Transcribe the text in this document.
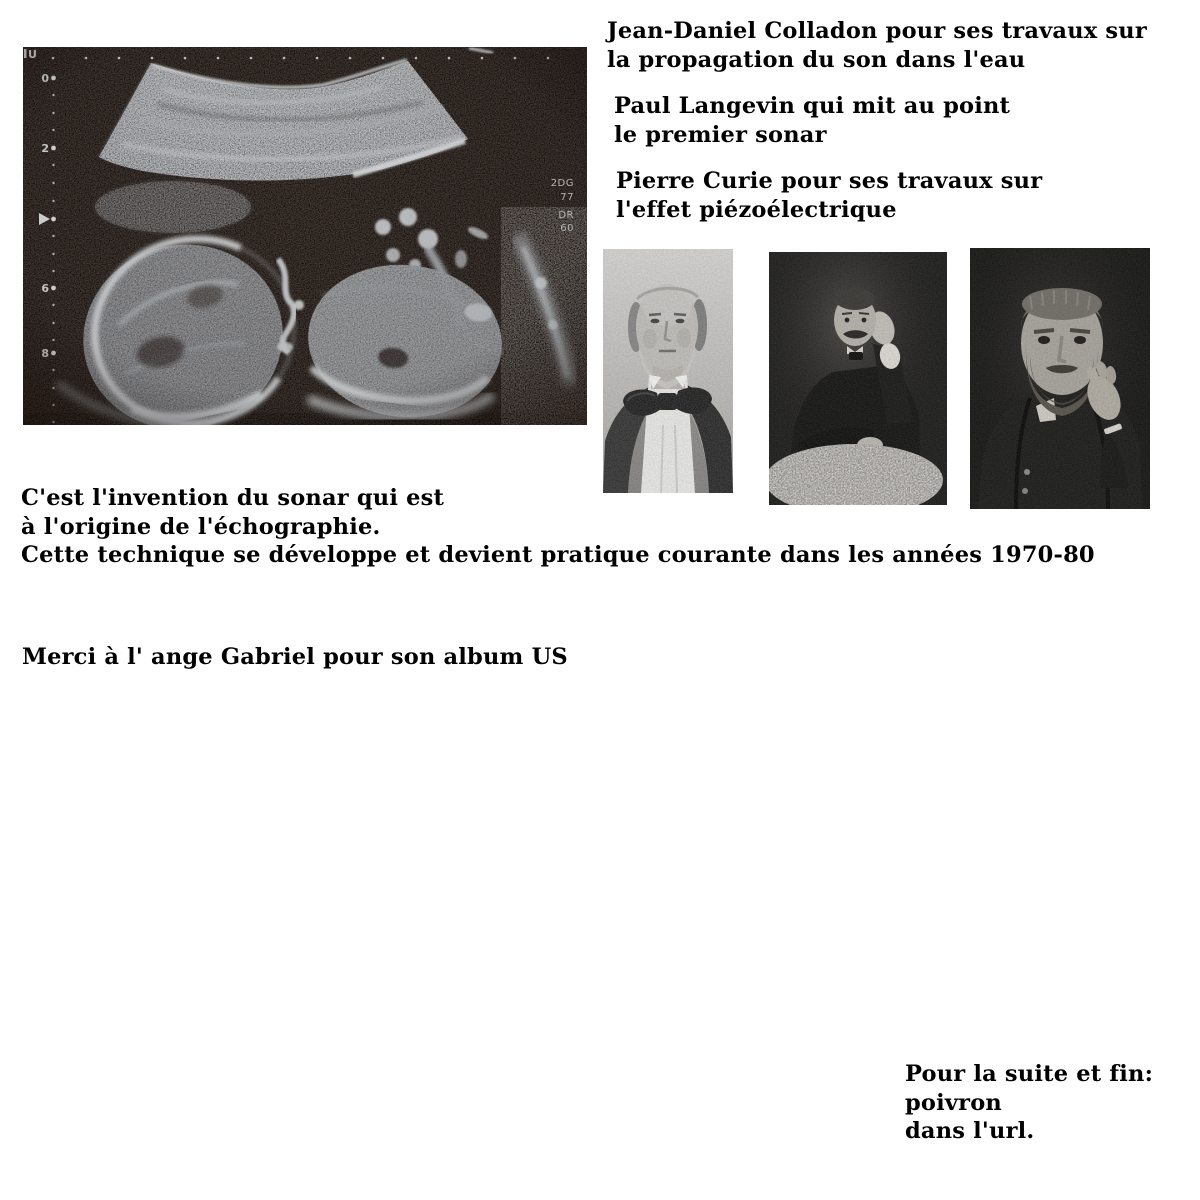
Jean-Daniel Colladon pour ses travaux sur
la propagation du son dans l'eau
Paul Langevin qui mit au point
le premier sonar
Pierre Curie pour ses travaux sur
l'effet piézoélectrique
C'est l'invention du sonar qui est
à l'origine de l'échographie.
Cette technique se développe et devient pratique courante dans les années 1970-80
Merci à l' ange Gabriel pour son album US
Pour la suite et fin:
poivron
dans l'url.
